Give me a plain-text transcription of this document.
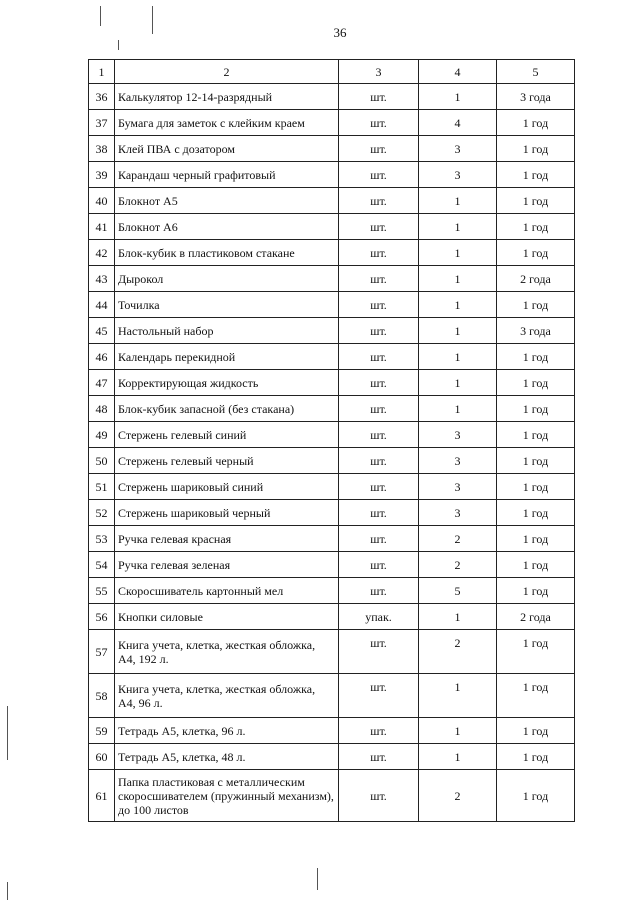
36
1	2	3	4	5
36	Калькулятор 12-14-разрядный	шт.	1	3 года
37	Бумага для заметок с клейким краем	шт.	4	1 год
38	Клей ПВА с дозатором	шт.	3	1 год
39	Карандаш черный графитовый	шт.	3	1 год
40	Блокнот А5	шт.	1	1 год
41	Блокнот А6	шт.	1	1 год
42	Блок-кубик в пластиковом стакане	шт.	1	1 год
43	Дырокол	шт.	1	2 года
44	Точилка	шт.	1	1 год
45	Настольный набор	шт.	1	3 года
46	Календарь перекидной	шт.	1	1 год
47	Корректирующая жидкость	шт.	1	1 год
48	Блок-кубик запасной (без стакана)	шт.	1	1 год
49	Стержень гелевый синий	шт.	3	1 год
50	Стержень гелевый черный	шт.	3	1 год
51	Стержень шариковый синий	шт.	3	1 год
52	Стержень шариковый черный	шт.	3	1 год
53	Ручка гелевая красная	шт.	2	1 год
54	Ручка гелевая зеленая	шт.	2	1 год
55	Скоросшиватель картонный мел	шт.	5	1 год
56	Кнопки силовые	упак.	1	2 года
57	Книга учета, клетка, жесткая обложка, А4, 192 л.	шт.	2	1 год
58	Книга учета, клетка, жесткая обложка, А4, 96 л.	шт.	1	1 год
59	Тетрадь А5, клетка, 96 л.	шт.	1	1 год
60	Тетрадь А5, клетка, 48 л.	шт.	1	1 год
61	Папка пластиковая с металлическим скоросшивателем (пружинный механизм), до 100 листов	шт.	2	1 год
